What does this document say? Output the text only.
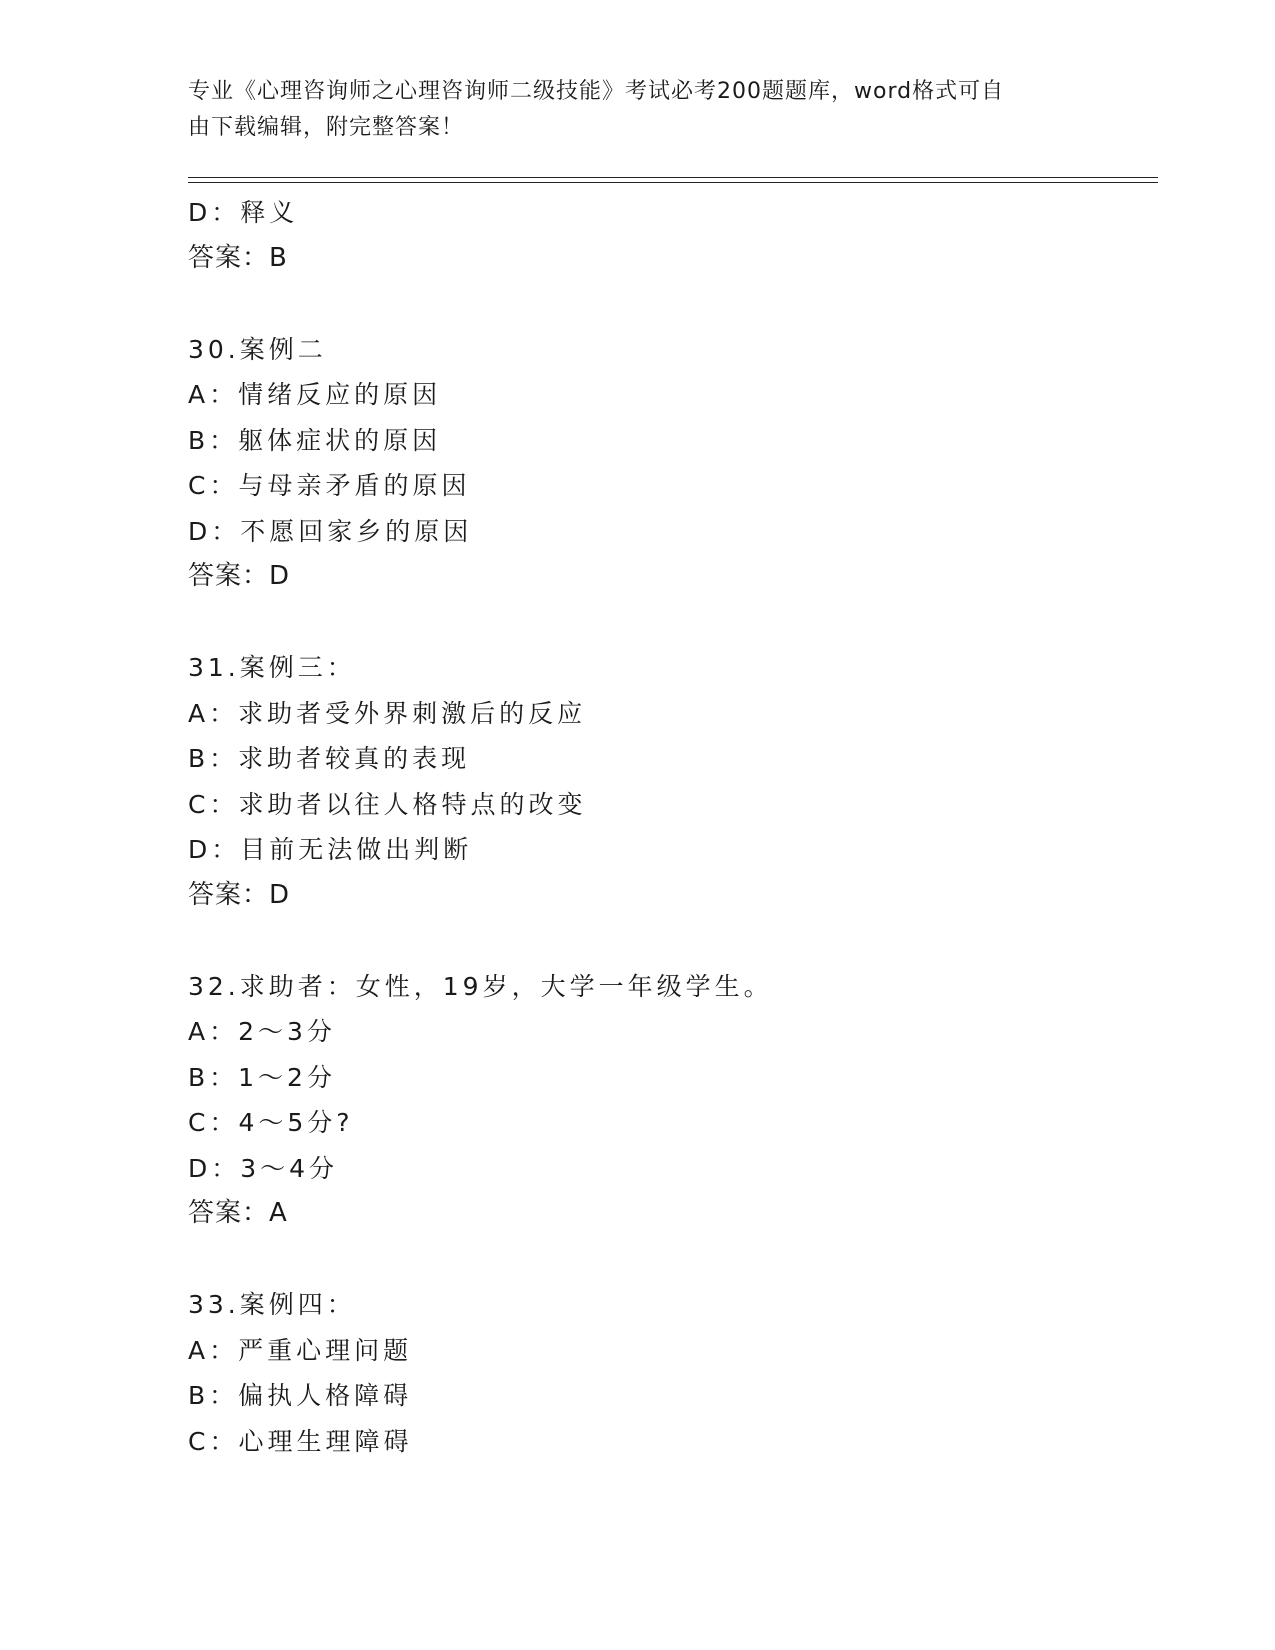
专业《心理咨询师之心理咨询师二级技能》考试必考200题题库，word格式可自
由下载编辑，附完整答案！
D：释义
答案：B
30.案例二
A：情绪反应的原因
B：躯体症状的原因
C：与母亲矛盾的原因
D：不愿回家乡的原因
答案：D
31.案例三：
A：求助者受外界刺激后的反应
B：求助者较真的表现
C：求助者以往人格特点的改变
D：目前无法做出判断
答案：D
32.求助者：女性，19岁，大学一年级学生。
A：2～3分
B：1～2分
C：4～5分?
D：3～4分
答案：A
33.案例四：
A：严重心理问题
B：偏执人格障碍
C：心理生理障碍
